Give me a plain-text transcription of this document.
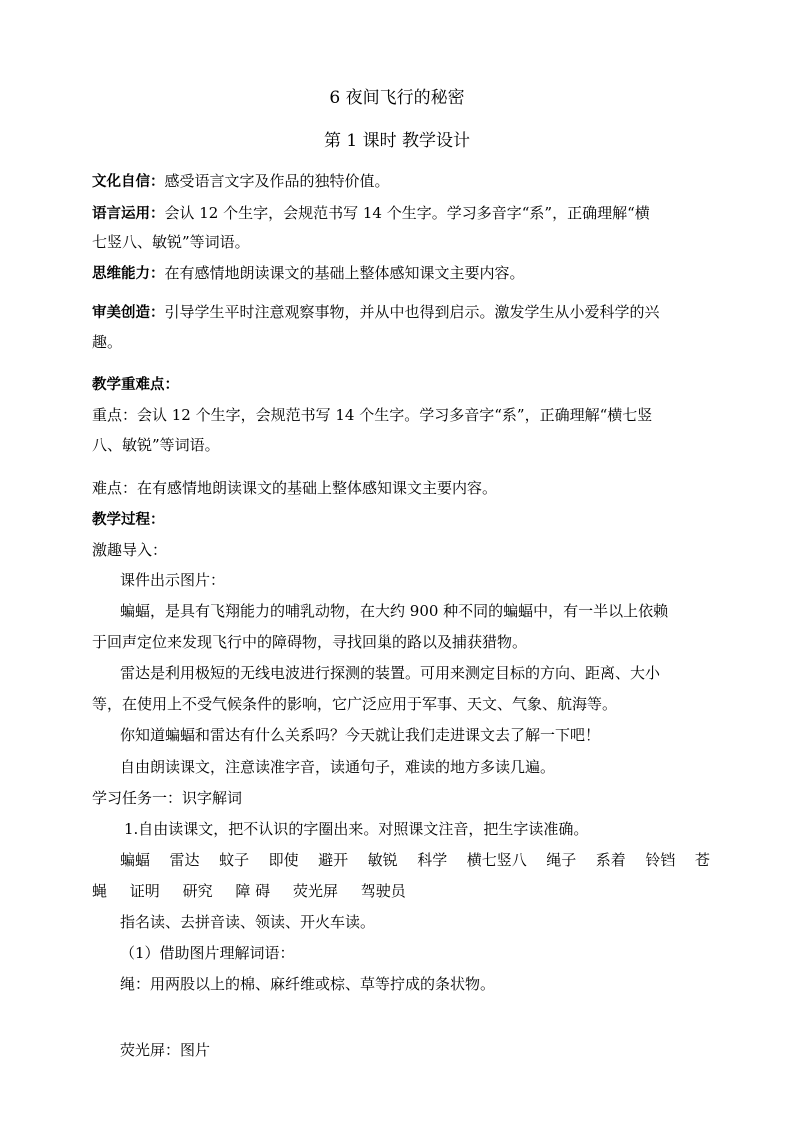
6 夜间飞行的秘密
第 1 课时 教学设计
文化自信：感受语言文字及作品的独特价值。
语言运用：会认 12 个生字，会规范书写 14 个生字。学习多音字“系”，正确理解“横
七竖八、敏锐”等词语。
思维能力：在有感情地朗读课文的基础上整体感知课文主要内容。
审美创造：引导学生平时注意观察事物，并从中也得到启示。激发学生从小爱科学的兴
趣。
教学重难点：
重点：会认 12 个生字，会规范书写 14 个生字。学习多音字“系”，正确理解“横七竖
八、敏锐”等词语。
难点：在有感情地朗读课文的基础上整体感知课文主要内容。
教学过程：
激趣导入：
课件出示图片：
蝙蝠，是具有飞翔能力的哺乳动物，在大约 900 种不同的蝙蝠中，有一半以上依赖
于回声定位来发现飞行中的障碍物，寻找回巢的路以及捕获猎物。
雷达是利用极短的无线电波进行探测的装置。可用来测定目标的方向、距离、大小
等，在使用上不受气候条件的影响，它广泛应用于军事、天文、气象、航海等。
你知道蝙蝠和雷达有什么关系吗？今天就让我们走进课文去了解一下吧！
自由朗读课文，注意读准字音，读通句子，难读的地方多读几遍。
学习任务一：识字解词
1.自由读课文，把不认识的字圈出来。对照课文注音，把生字读准确。
蝙蝠 雷达 蚊子 即使 避开 敏锐 科学 横七竖八 绳子 系着 铃铛 苍
蝇 证明 研究 障 碍 荧光屏 驾驶员
指名读、去拼音读、领读、开火车读。
（1）借助图片理解词语：
绳：用两股以上的棉、麻纤维或棕、草等拧成的条状物。
荧光屏：图片
